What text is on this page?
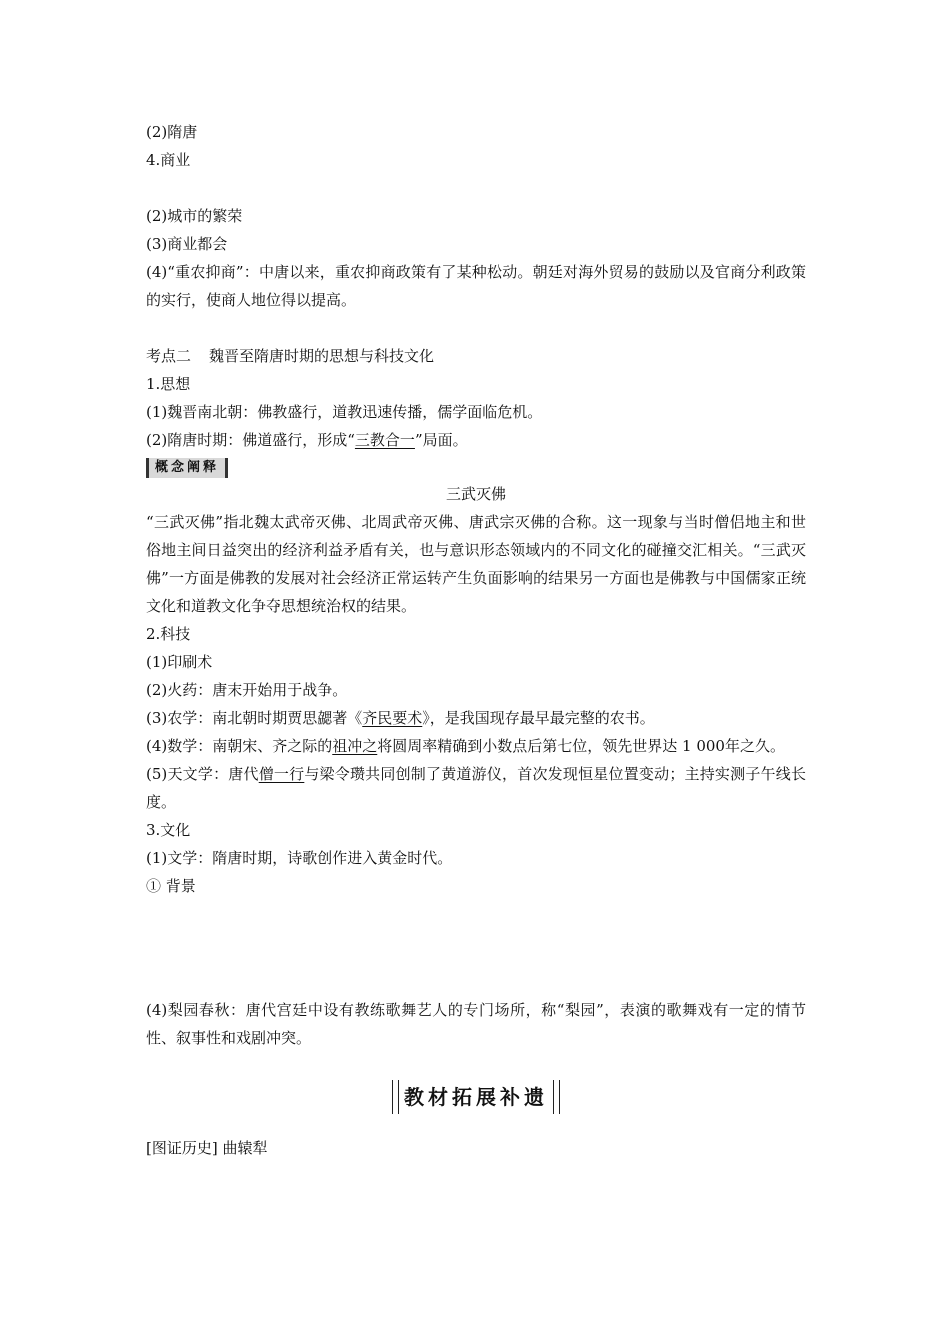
(2)隋唐
4.商业
(2)城市的繁荣
(3)商业都会
(4)“重农抑商”：中唐以来，重农抑商政策有了某种松动。朝廷对海外贸易的鼓励以及官商分利政策的实行，使商人地位得以提高。
考点二 魏晋至隋唐时期的思想与科技文化
1.思想
(1)魏晋南北朝：佛教盛行，道教迅速传播，儒学面临危机。
(2)隋唐时期：佛道盛行，形成“三教合一”局面。
概念阐释
三武灭佛
“三武灭佛”指北魏太武帝灭佛、北周武帝灭佛、唐武宗灭佛的合称。这一现象与当时僧侣地主和世俗地主间日益突出的经济利益矛盾有关，也与意识形态领域内的不同文化的碰撞交汇相关。“三武灭佛”一方面是佛教的发展对社会经济正常运转产生负面影响的结果另一方面也是佛教与中国儒家正统文化和道教文化争夺思想统治权的结果。
2.科技
(1)印刷术
(2)火药：唐末开始用于战争。
(3)农学：南北朝时期贾思勰著《齐民要术》，是我国现存最早最完整的农书。
(4)数学：南朝宋、齐之际的祖冲之将圆周率精确到小数点后第七位，领先世界达 1 000年之久。
(5)天文学：唐代僧一行与梁令瓒共同创制了黄道游仪，首次发现恒星位置变动；主持实测子午线长度。
3.文化
(1)文学：隋唐时期，诗歌创作进入黄金时代。
① 背景
(4)梨园春秋：唐代宫廷中设有教练歌舞艺人的专门场所，称“梨园”，表演的歌舞戏有一定的情节性、叙事性和戏剧冲突。
教材拓展补遗
[图证历史] 曲辕犁
